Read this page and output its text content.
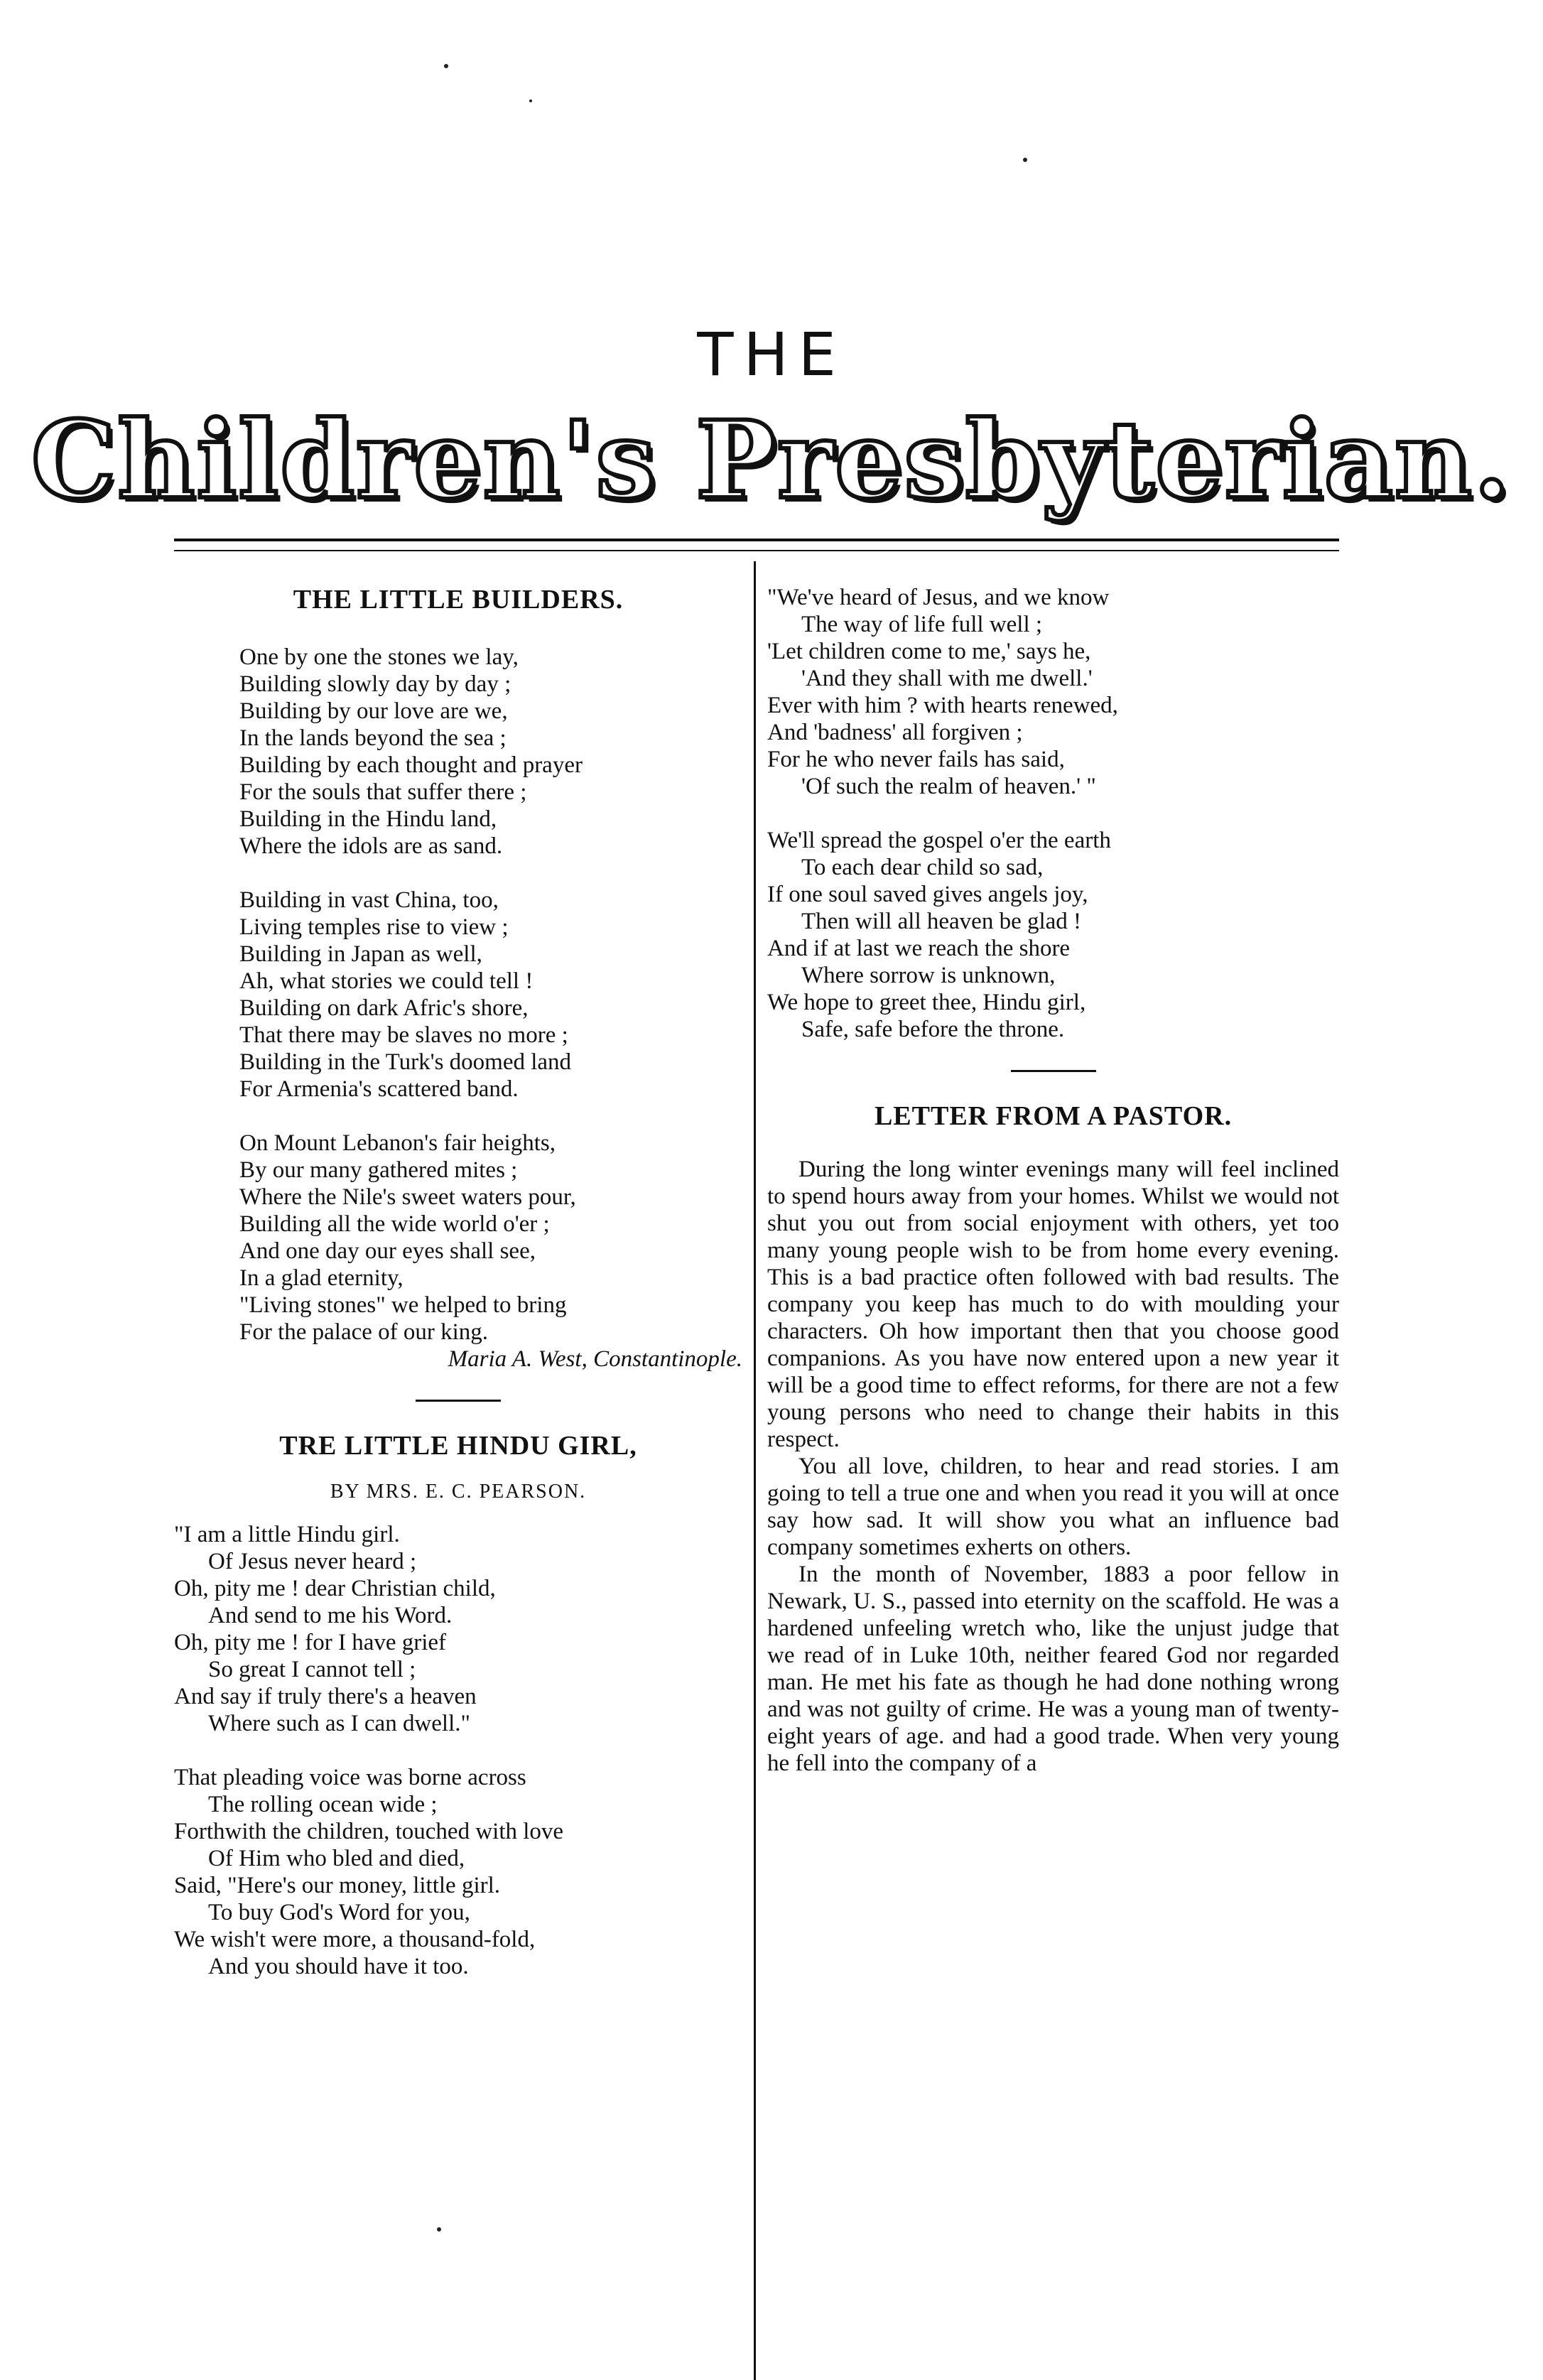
THE
Children's Presbyterian.
THE LITTLE BUILDERS.
One by one the stones we lay,
Building slowly day by day ;
Building by our love are we,
In the lands beyond the sea ;
Building by each thought and prayer
For the souls that suffer there ;
Building in the Hindu land,
Where the idols are as sand.
Building in vast China, too,
Living temples rise to view ;
Building in Japan as well,
Ah, what stories we could tell !
Building on dark Afric's shore,
That there may be slaves no more ;
Building in the Turk's doomed land
For Armenia's scattered band.
On Mount Lebanon's fair heights,
By our many gathered mites ;
Where the Nile's sweet waters pour,
Building all the wide world o'er ;
And one day our eyes shall see,
In a glad eternity,
"Living stones" we helped to bring
For the palace of our king.
Maria A. West, Constantinople.
TRE LITTLE HINDU GIRL,
BY MRS. E. C. PEARSON.
"I am a little Hindu girl.
Of Jesus never heard ;
Oh, pity me ! dear Christian child,
And send to me his Word.
Oh, pity me ! for I have grief
So great I cannot tell ;
And say if truly there's a heaven
Where such as I can dwell."
That pleading voice was borne across
The rolling ocean wide ;
Forthwith the children, touched with love
Of Him who bled and died,
Said, "Here's our money, little girl.
To buy God's Word for you,
We wish't were more, a thousand-fold,
And you should have it too.
"We've heard of Jesus, and we know
The way of life full well ;
'Let children come to me,' says he,
'And they shall with me dwell.'
Ever with him ? with hearts renewed,
And 'badness' all forgiven ;
For he who never fails has said,
'Of such the realm of heaven.' "
We'll spread the gospel o'er the earth
To each dear child so sad,
If one soul saved gives angels joy,
Then will all heaven be glad !
And if at last we reach the shore
Where sorrow is unknown,
We hope to greet thee, Hindu girl,
Safe, safe before the throne.
LETTER FROM A PASTOR.

During the long winter evenings many will feel inclined to spend hours away from your homes. Whilst we would not shut you out from social enjoyment with others, yet too many young people wish to be from home every evening. This is a bad practice often followed with bad results. The company you keep has much to do with moulding your characters. Oh how important then that you choose good companions. As you have now entered upon a new year it will be a good time to effect reforms, for there are not a few young persons who need to change their habits in this respect.

You all love, children, to hear and read stories. I am going to tell a true one and when you read it you will at once say how sad. It will show you what an influence bad company sometimes exherts on others.

In the month of November, 1883 a poor fellow in Newark, U. S., passed into eternity on the scaffold. He was a hardened unfeeling wretch who, like the unjust judge that we read of in Luke 10th, neither feared God nor regarded man. He met his fate as though he had done nothing wrong and was not guilty of crime. He was a young man of twenty-eight years of age. and had a good trade. When very young he fell into the company of a
